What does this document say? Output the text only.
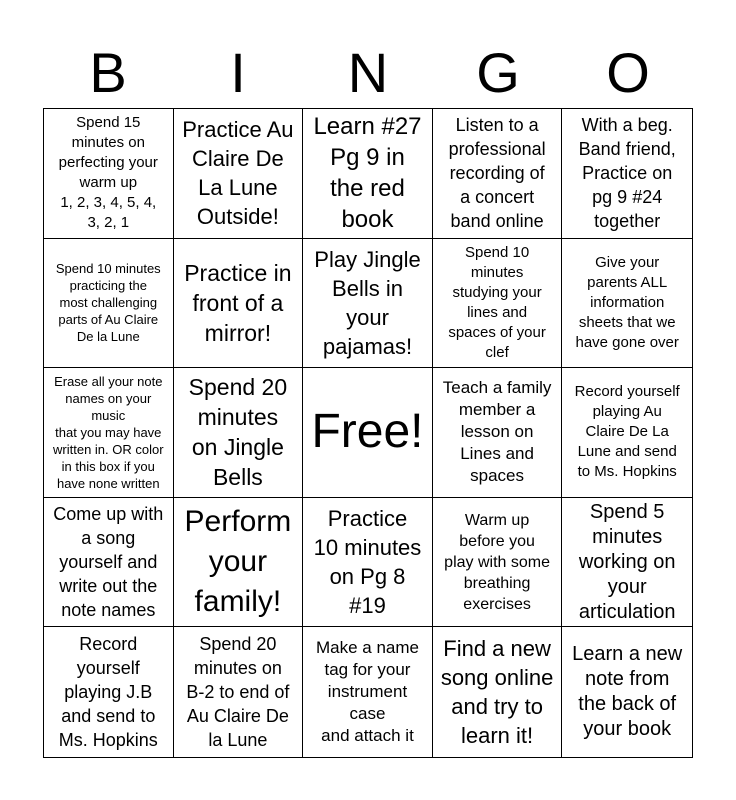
B	I	N	G	O
Spend 15
minutes on
perfecting your
warm up
1, 2, 3, 4, 5, 4,
3, 2, 1
Practice Au
Claire De
La Lune
Outside!
Learn #27
Pg 9 in
the red
book
Listen to a
professional
recording of
a concert
band online
With a beg.
Band friend,
Practice on
pg 9 #24
together
Spend 10 minutes
practicing the
most challenging
parts of Au Claire
De la Lune
Practice in
front of a
mirror!
Play Jingle
Bells in
your
pajamas!
Spend 10
minutes
studying your
lines and
spaces of your
clef
Give your
parents ALL
information
sheets that we
have gone over
Erase all your note
names on your
music
that you may have
written in. OR color
in this box if you
have none written
Spend 20
minutes
on Jingle
Bells
Free!
Teach a family
member a
lesson on
Lines and
spaces
Record yourself
playing Au
Claire De La
Lune and send
to Ms. Hopkins
Come up with
a song
yourself and
write out the
note names
Perform
your
family!
Practice
10 minutes
on Pg 8
#19
Warm up
before you
play with some
breathing
exercises
Spend 5
minutes
working on
your
articulation
Record
yourself
playing J.B
and send to
Ms. Hopkins
Spend 20
minutes on
B-2 to end of
Au Claire De
la Lune
Make a name
tag for your
instrument
case
and attach it
Find a new
song online
and try to
learn it!
Learn a new
note from
the back of
your book
